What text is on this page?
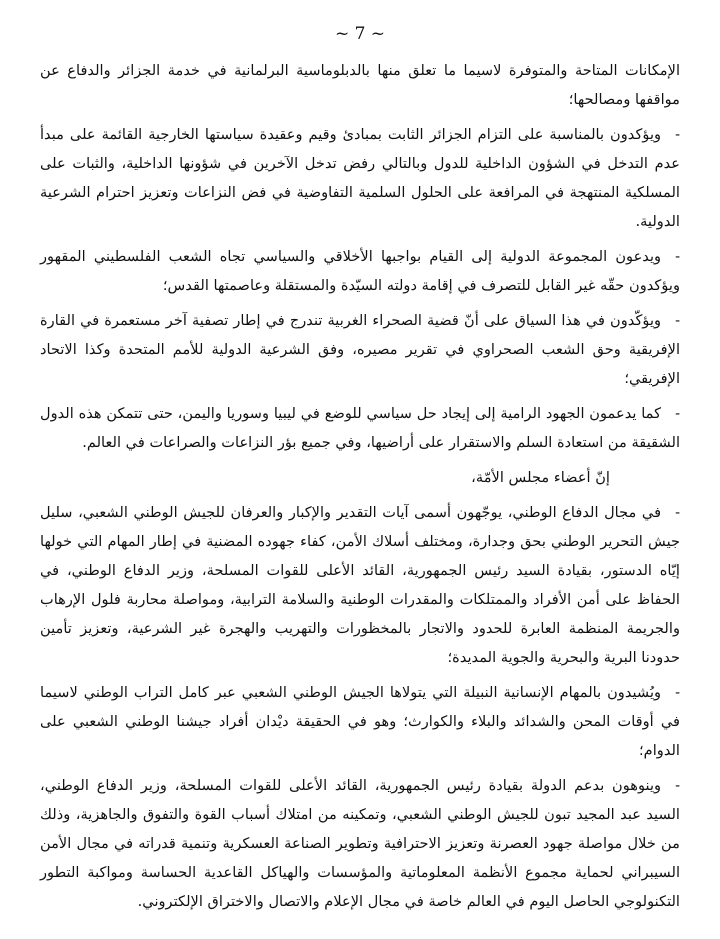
~ 7 ~

الإمكانات المتاحة والمتوفرة لاسيما ما تعلق منها بالدبلوماسية البرلمانية في خدمة الجزائر والدفاع عن مواقفها ومصالحها؛

-ويؤكدون بالمناسبة على التزام الجزائر الثابت بمبادئ وقيم وعقيدة سياستها الخارجية القائمة على مبدأ عدم التدخل في الشؤون الداخلية للدول وبالتالي رفض تدخل الآخرين في شؤونها الداخلية، والثبات على المسلكية المنتهجة في المرافعة على الحلول السلمية التفاوضية في فض النزاعات وتعزيز احترام الشرعية الدولية.

-ويدعون المجموعة الدولية إلى القيام بواجبها الأخلاقي والسياسي تجاه الشعب الفلسطيني المقهور ويؤكدون حقّه غير القابل للتصرف في إقامة دولته السيّدة والمستقلة وعاصمتها القدس؛

-ويؤكّدون في هذا السياق على أنّ قضية الصحراء الغربية تندرج في إطار تصفية آخر مستعمرة في القارة الإفريقية وحق الشعب الصحراوي في تقرير مصيره، وفق الشرعية الدولية للأمم المتحدة وكذا الاتحاد الإفريقي؛

-كما يدعمون الجهود الرامية إلى إيجاد حل سياسي للوضع في ليبيا وسوريا واليمن، حتى تتمكن هذه الدول الشقيقة من استعادة السلم والاستقرار على أراضيها، وفي جميع بؤر النزاعات والصراعات في العالم.

إنّ أعضاء مجلس الأمّة،

-في مجال الدفاع الوطني، يوجّهون أسمى آيات التقدير والإكبار والعرفان للجيش الوطني الشعبي، سليل جيش التحرير الوطني بحق وجدارة، ومختلف أسلاك الأمن، كفاء جهوده المضنية في إطار المهام التي خولها إيّاه الدستور، بقيادة السيد رئيس الجمهورية، القائد الأعلى للقوات المسلحة، وزير الدفاع الوطني، في الحفاظ على أمن الأفراد والممتلكات والمقدرات الوطنية والسلامة الترابية، ومواصلة محاربة فلول الإرهاب والجريمة المنظمة العابرة للحدود والاتجار بالمخظورات والتهريب والهجرة غير الشرعية، وتعزيز تأمين حدودنا البرية والبحرية والجوية المديدة؛

-ويُشيدون بالمهام الإنسانية النبيلة التي يتولاها الجيش الوطني الشعبي عبر كامل التراب الوطني لاسيما في أوقات المحن والشدائد والبلاء والكوارث؛ وهو في الحقيقة ديْدان أفراد جيشنا الوطني الشعبي على الدوام؛

-وينوهون بدعم الدولة بقيادة رئيس الجمهورية، القائد الأعلى للقوات المسلحة، وزير الدفاع الوطني، السيد عبد المجيد تبون للجيش الوطني الشعبي، وتمكينه من امتلاك أسباب القوة والتفوق والجاهزية، وذلك من خلال مواصلة جهود العصرنة وتعزيز الاحترافية وتطوير الصناعة العسكرية وتنمية قدراته في مجال الأمن السيبراني لحماية مجموع الأنظمة المعلوماتية والمؤسسات والهياكل القاعدية الحساسة ومواكبة التطور التكنولوجي الحاصل اليوم في العالم خاصة في مجال الإعلام والاتصال والاختراق الإلكتروني.
